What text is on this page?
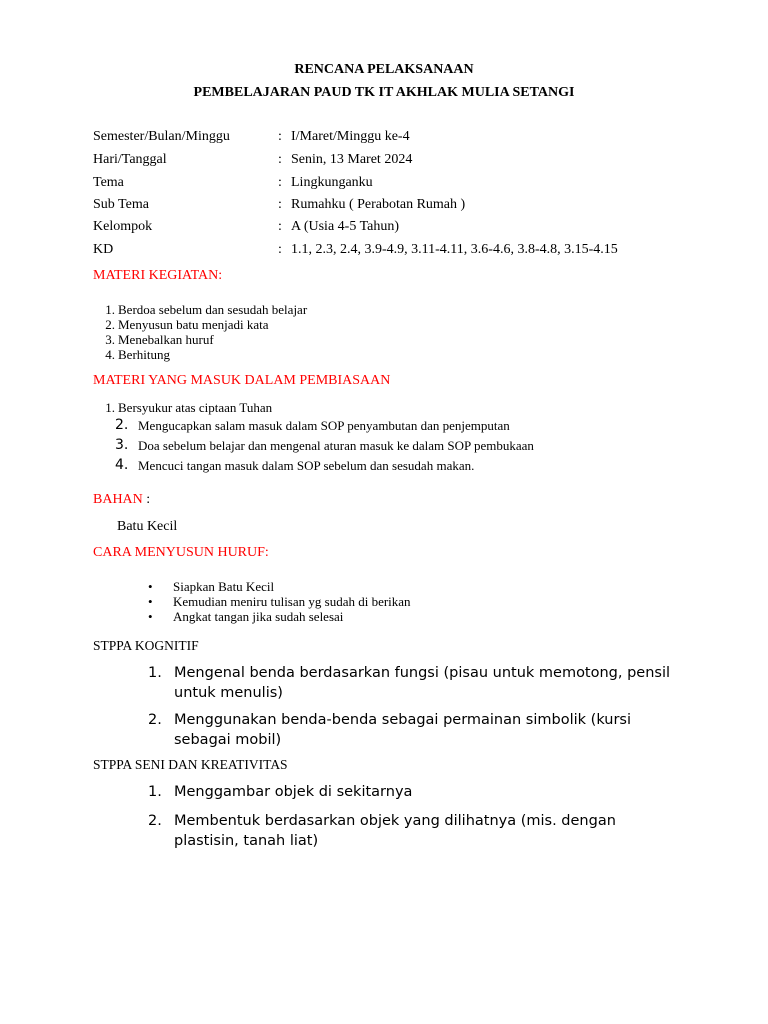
RENCANA PELAKSANAAN
PEMBELAJARAN PAUD TK IT AKHLAK MULIA SETANGI
Semester/Bulan/Minggu	: I/Maret/Minggu ke-4
Hari/Tanggal	: Senin, 13 Maret 2024
Tema	: Lingkunganku
Sub Tema	: Rumahku ( Perabotan Rumah )
Kelompok	: A (Usia 4-5 Tahun)
KD	: 1.1, 2.3, 2.4, 3.9-4.9, 3.11-4.11, 3.6-4.6, 3.8-4.8, 3.15-4.15
MATERI KEGIATAN:
1. Berdoa sebelum dan sesudah belajar
2. Menyusun batu menjadi kata
3. Menebalkan huruf
4. Berhitung
MATERI YANG MASUK DALAM PEMBIASAAN
1. Bersyukur atas ciptaan Tuhan
2. Mengucapkan salam masuk dalam SOP penyambutan dan penjemputan
3. Doa sebelum belajar dan mengenal aturan masuk ke dalam SOP pembukaan
4. Mencuci tangan masuk dalam SOP sebelum dan sesudah makan.
BAHAN :
Batu Kecil
CARA MENYUSUN HURUF:
• Siapkan Batu Kecil
• Kemudian meniru tulisan yg sudah di berikan
• Angkat tangan jika sudah selesai
STPPA KOGNITIF
1. Mengenal benda berdasarkan fungsi (pisau untuk memotong, pensil untuk menulis)
2. Menggunakan benda-benda sebagai permainan simbolik (kursi sebagai mobil)
STPPA SENI DAN KREATIVITAS
1. Menggambar objek di sekitarnya
2. Membentuk berdasarkan objek yang dilihatnya (mis. dengan plastisin, tanah liat)
